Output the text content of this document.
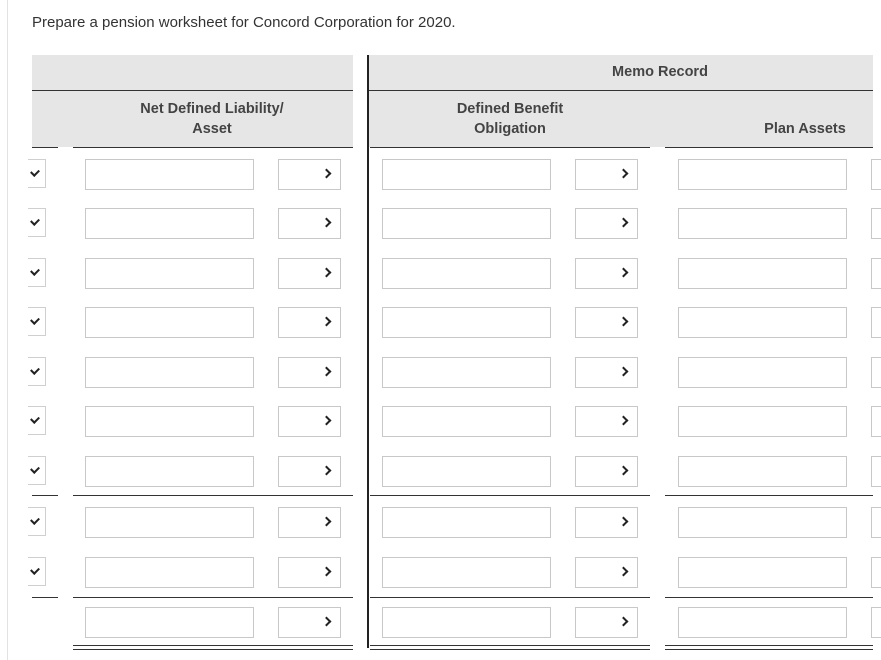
Prepare a pension worksheet for Concord Corporation for 2020.
Memo Record
Net Defined Liability/
Asset
Defined Benefit
Obligation	Plan Assets
